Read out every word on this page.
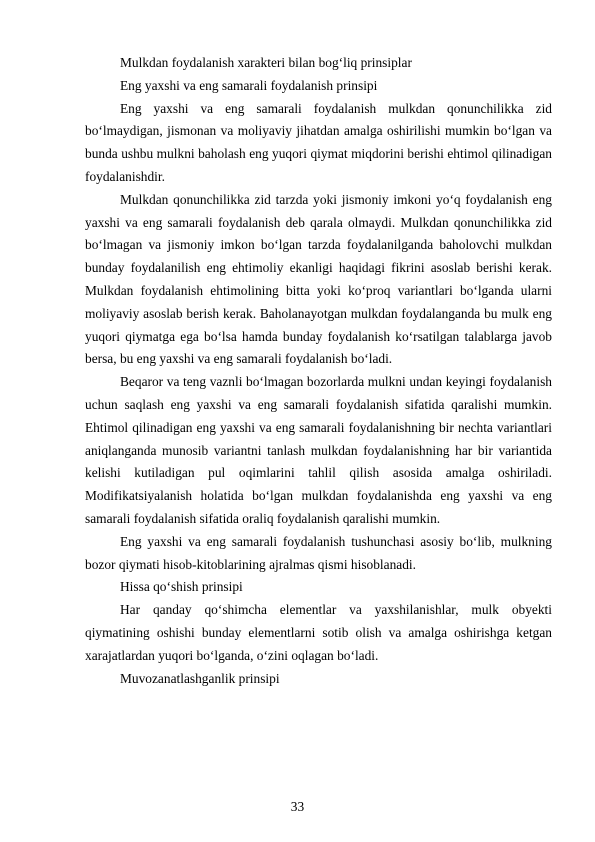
Mulkdan foydalanish xarakteri bilan bog‘liq prinsiplar

Eng yaxshi va eng samarali foydalanish prinsipi

Eng yaxshi va eng samarali foydalanish mulkdan qonunchilikka zid bo‘lmaydigan, jismonan va moliyaviy jihatdan amalga oshirilishi mumkin bo‘lgan va bunda ushbu mulkni baholash eng yuqori qiymat miqdorini berishi ehtimol qilinadigan foydalanishdir.

Mulkdan qonunchilikka zid tarzda yoki jismoniy imkoni yo‘q foydalanish eng yaxshi va eng samarali foydalanish deb qarala olmaydi. Mulkdan qonunchilikka zid bo‘lmagan va jismoniy imkon bo‘lgan tarzda foydalanilganda baholovchi mulkdan bunday foydalanilish eng ehtimoliy ekanligi haqidagi fikrini asoslab berishi kerak. Mulkdan foydalanish ehtimolining bitta yoki ko‘proq variantlari bo‘lganda ularni moliyaviy asoslab berish kerak. Baholanayotgan mulkdan foydalanganda bu mulk eng yuqori qiymatga ega bo‘lsa hamda bunday foydalanish ko‘rsatilgan talablarga javob bersa, bu eng yaxshi va eng samarali foydalanish bo‘ladi.

Beqaror va teng vaznli bo‘lmagan bozorlarda mulkni undan keyingi foydalanish uchun saqlash eng yaxshi va eng samarali foydalanish sifatida qaralishi mumkin. Ehtimol qilinadigan eng yaxshi va eng samarali foydalanishning bir nechta variantlari aniqlanganda munosib variantni tanlash mulkdan foydalanishning har bir variantida kelishi kutiladigan pul oqimlarini tahlil qilish asosida amalga oshiriladi. Modifikatsiyalanish holatida bo‘lgan mulkdan foydalanishda eng yaxshi va eng samarali foydalanish sifatida oraliq foydalanish qaralishi mumkin.

Eng yaxshi va eng samarali foydalanish tushunchasi asosiy bo‘lib, mulkning bozor qiymati hisob-kitoblarining ajralmas qismi hisoblanadi.

Hissa qo‘shish prinsipi

Har qanday qo‘shimcha elementlar va yaxshilanishlar, mulk obyekti qiymatining oshishi bunday elementlarni sotib olish va amalga oshirishga ketgan xarajatlardan yuqori bo‘lganda, o‘zini oqlagan bo‘ladi.

Muvozanatlashganlik prinsipi

33
